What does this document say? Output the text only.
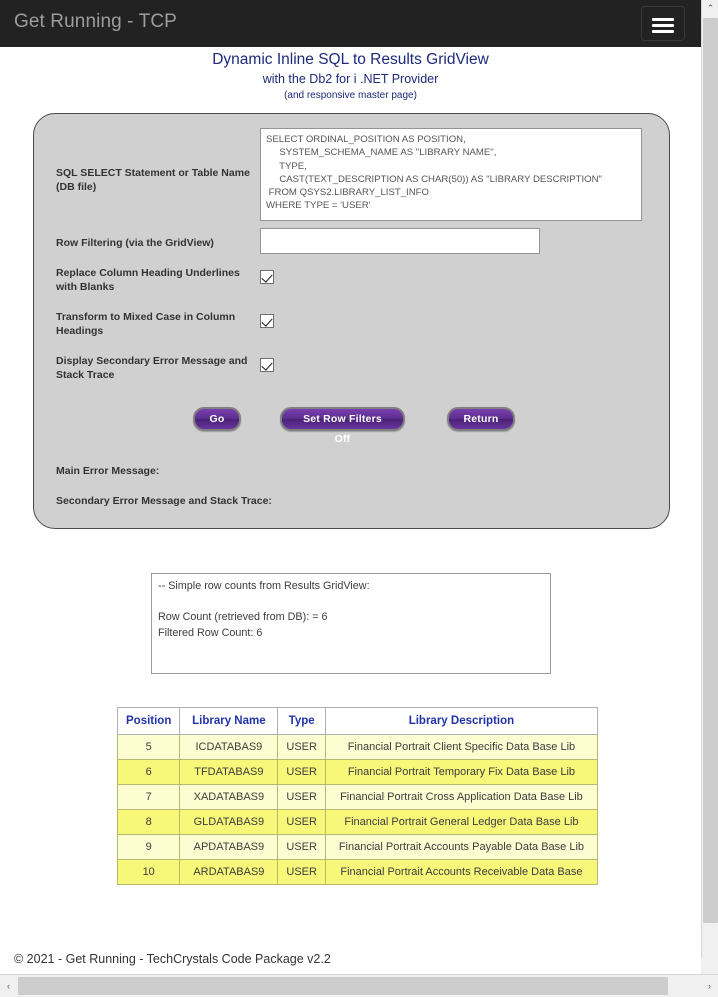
Get Running - TCP

Dynamic Inline SQL to Results GridView

with the Db2 for i .NET Provider

(and responsive master page)

SQL SELECT Statement or Table Name (DB file)
SELECT ORDINAL_POSITION AS POSITION, SYSTEM_SCHEMA_NAME AS "LIBRARY NAME", TYPE, CAST(TEXT_DESCRIPTION AS CHAR(50)) AS "LIBRARY DESCRIPTION" FROM QSYS2.LIBRARY_LIST_INFO WHERE TYPE = 'USER'
Row Filtering (via the GridView)
Replace Column Heading Underlines with Blanks
Transform to Mixed Case in Column Headings
Display Secondary Error Message and Stack Trace
Go	Set Row Filters Off
Return
Main Error Message:
Secondary Error Message and Stack Trace:
-- Simple row counts from Results GridView: Row Count (retrieved from DB): = 6 Filtered Row Count: 6
Position	Library Name	Type	Library Description
5	ICDATABAS9	USER	Financial Portrait Client Specific Data Base Lib
6	TFDATABAS9	USER	Financial Portrait Temporary Fix Data Base Lib
7	XADATABAS9	USER	Financial Portrait Cross Application Data Base Lib
8	GLDATABAS9	USER	Financial Portrait General Ledger Data Base Lib
9	APDATABAS9	USER	Financial Portrait Accounts Payable Data Base Lib
10	ARDATABAS9	USER	Financial Portrait Accounts Receivable Data Base
© 2021 - Get Running - TechCrystals Code Package v2.2
⌃
‹	›
